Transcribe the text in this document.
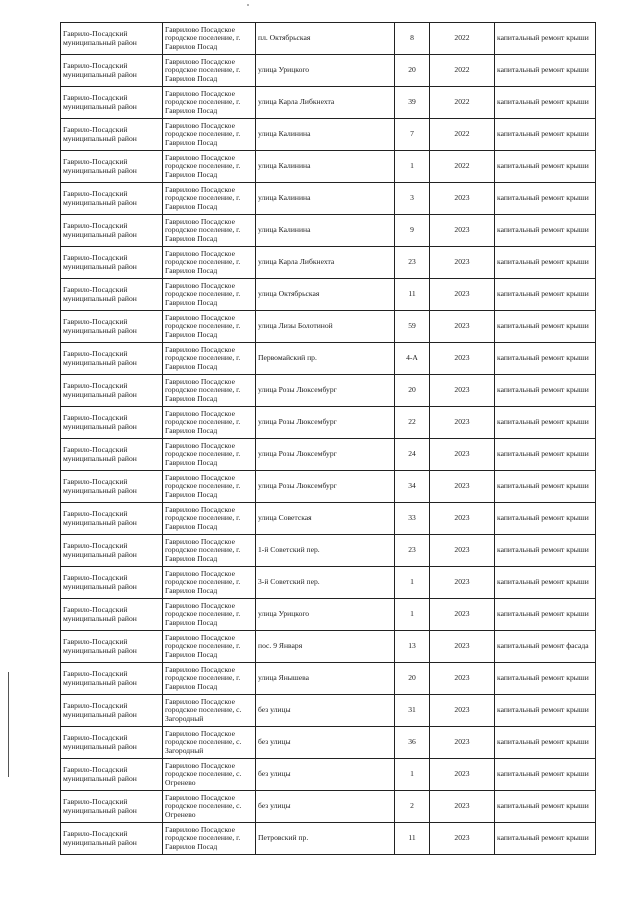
Гаврило-Посадский муниципальный район	Гаврилово Посадское городское поселение, г. Гаврилов Посад	пл. Октябрьская	8	2022	капитальный ремонт крыши
Гаврило-Посадский муниципальный район	Гаврилово Посадское городское поселение, г. Гаврилов Посад	улица Урицкого	20	2022	капитальный ремонт крыши
Гаврило-Посадский муниципальный район	Гаврилово Посадское городское поселение, г. Гаврилов Посад	улица Карла Либкнехта	39	2022	капитальный ремонт крыши
Гаврило-Посадский муниципальный район	Гаврилово Посадское городское поселение, г. Гаврилов Посад	улица Калинина	7	2022	капитальный ремонт крыши
Гаврило-Посадский муниципальный район	Гаврилово Посадское городское поселение, г. Гаврилов Посад	улица Калинина	1	2022	капитальный ремонт крыши
Гаврило-Посадский муниципальный район	Гаврилово Посадское городское поселение, г. Гаврилов Посад	улица Калинина	3	2023	капитальный ремонт крыши
Гаврило-Посадский муниципальный район	Гаврилово Посадское городское поселение, г. Гаврилов Посад	улица Калинина	9	2023	капитальный ремонт крыши
Гаврило-Посадский муниципальный район	Гаврилово Посадское городское поселение, г. Гаврилов Посад	улица Карла Либкнехта	23	2023	капитальный ремонт крыши
Гаврило-Посадский муниципальный район	Гаврилово Посадское городское поселение, г. Гаврилов Посад	улица Октябрьская	11	2023	капитальный ремонт крыши
Гаврило-Посадский муниципальный район	Гаврилово Посадское городское поселение, г. Гаврилов Посад	улица Лизы Болотиной	59	2023	капитальный ремонт крыши
Гаврило-Посадский муниципальный район	Гаврилово Посадское городское поселение, г. Гаврилов Посад	Первомайский пр.	4-А	2023	капитальный ремонт крыши
Гаврило-Посадский муниципальный район	Гаврилово Посадское городское поселение, г. Гаврилов Посад	улица Розы Люксембург	20	2023	капитальный ремонт крыши
Гаврило-Посадский муниципальный район	Гаврилово Посадское городское поселение, г. Гаврилов Посад	улица Розы Люксембург	22	2023	капитальный ремонт крыши
Гаврило-Посадский муниципальный район	Гаврилово Посадское городское поселение, г. Гаврилов Посад	улица Розы Люксембург	24	2023	капитальный ремонт крыши
Гаврило-Посадский муниципальный район	Гаврилово Посадское городское поселение, г. Гаврилов Посад	улица Розы Люксембург	34	2023	капитальный ремонт крыши
Гаврило-Посадский муниципальный район	Гаврилово Посадское городское поселение, г. Гаврилов Посад	улица Советская	33	2023	капитальный ремонт крыши
Гаврило-Посадский муниципальный район	Гаврилово Посадское городское поселение, г. Гаврилов Посад	1-й Советский пер.	23	2023	капитальный ремонт крыши
Гаврило-Посадский муниципальный район	Гаврилово Посадское городское поселение, г. Гаврилов Посад	3-й Советский пер.	1	2023	капитальный ремонт крыши
Гаврило-Посадский муниципальный район	Гаврилово Посадское городское поселение, г. Гаврилов Посад	улица Урицкого	1	2023	капитальный ремонт крыши
Гаврило-Посадский муниципальный район	Гаврилово Посадское городское поселение, г. Гаврилов Посад	пос. 9 Января	13	2023	капитальный ремонт фасада
Гаврило-Посадский муниципальный район	Гаврилово Посадское городское поселение, г. Гаврилов Посад	улица Янышева	20	2023	капитальный ремонт крыши
Гаврило-Посадский муниципальный район	Гаврилово Посадское городское поселение, с. Загородный	без улицы	31	2023	капитальный ремонт крыши
Гаврило-Посадский муниципальный район	Гаврилово Посадское городское поселение, с. Загородный	без улицы	36	2023	капитальный ремонт крыши
Гаврило-Посадский муниципальный район	Гаврилово Посадское городское поселение, с. Огренево	без улицы	1	2023	капитальный ремонт крыши
Гаврило-Посадский муниципальный район	Гаврилово Посадское городское поселение, с. Огренево	без улицы	2	2023	капитальный ремонт крыши
Гаврило-Посадский муниципальный район	Гаврилово Посадское городское поселение, г. Гаврилов Посад	Петровский пр.	11	2023	капитальный ремонт крыши
